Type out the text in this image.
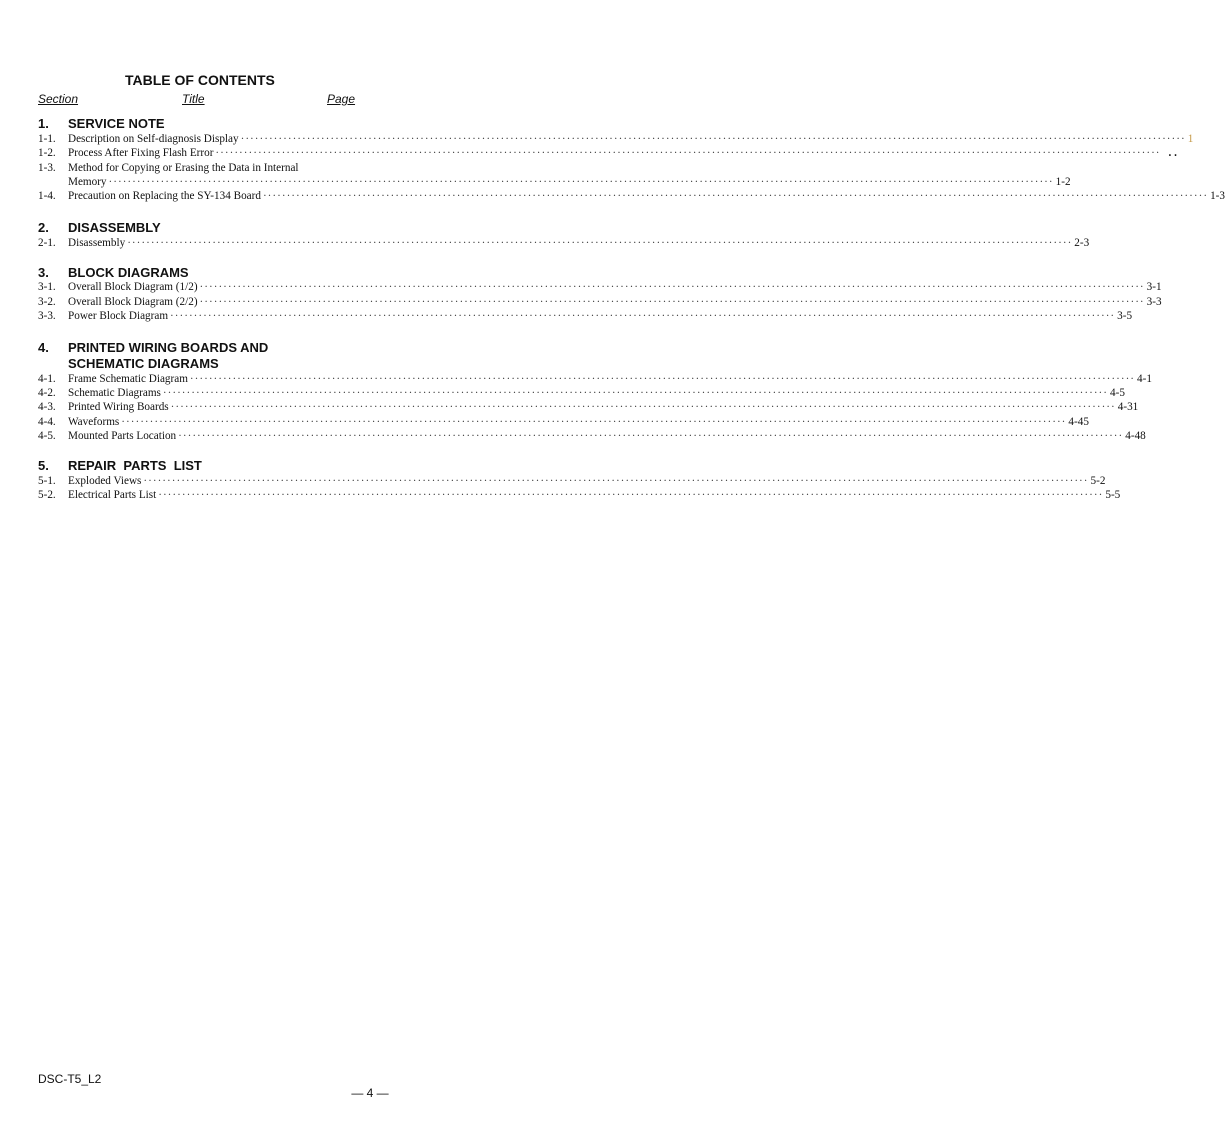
TABLE OF CONTENTS
Section	Title	Page
1.	SERVICE NOTE
1-1. Description on Self-diagnosis Display ········································································································································································································ 1
1-2. Process After Fixing Flash Error ········································································································································································································ . .
1-3. Method for Copying or Erasing the Data in Internal
Memory ········································································································································································································ 1-2
1-4. Precaution on Replacing the SY-134 Board ········································································································································································································ 1-3
2.	DISASSEMBLY
2-1. Disassembly ········································································································································································································ 2-3
3.	BLOCK DIAGRAMS
3-1. Overall Block Diagram (1/2) ········································································································································································································ 3-1
3-2. Overall Block Diagram (2/2) ········································································································································································································ 3-3
3-3. Power Block Diagram ········································································································································································································ 3-5
4.	PRINTED WIRING BOARDS AND
SCHEMATIC DIAGRAMS
4-1. Frame Schematic Diagram ········································································································································································································ 4-1
4-2. Schematic Diagrams ········································································································································································································ 4-5
4-3. Printed Wiring Boards ········································································································································································································ 4-31
4-4. Waveforms ········································································································································································································ 4-45
4-5. Mounted Parts Location ········································································································································································································ 4-48
5.	REPAIR  PARTS  LIST
5-1. Exploded Views ········································································································································································································ 5-2
5-2. Electrical Parts List ········································································································································································································ 5-5
DSC-T5_L2
— 4 —
